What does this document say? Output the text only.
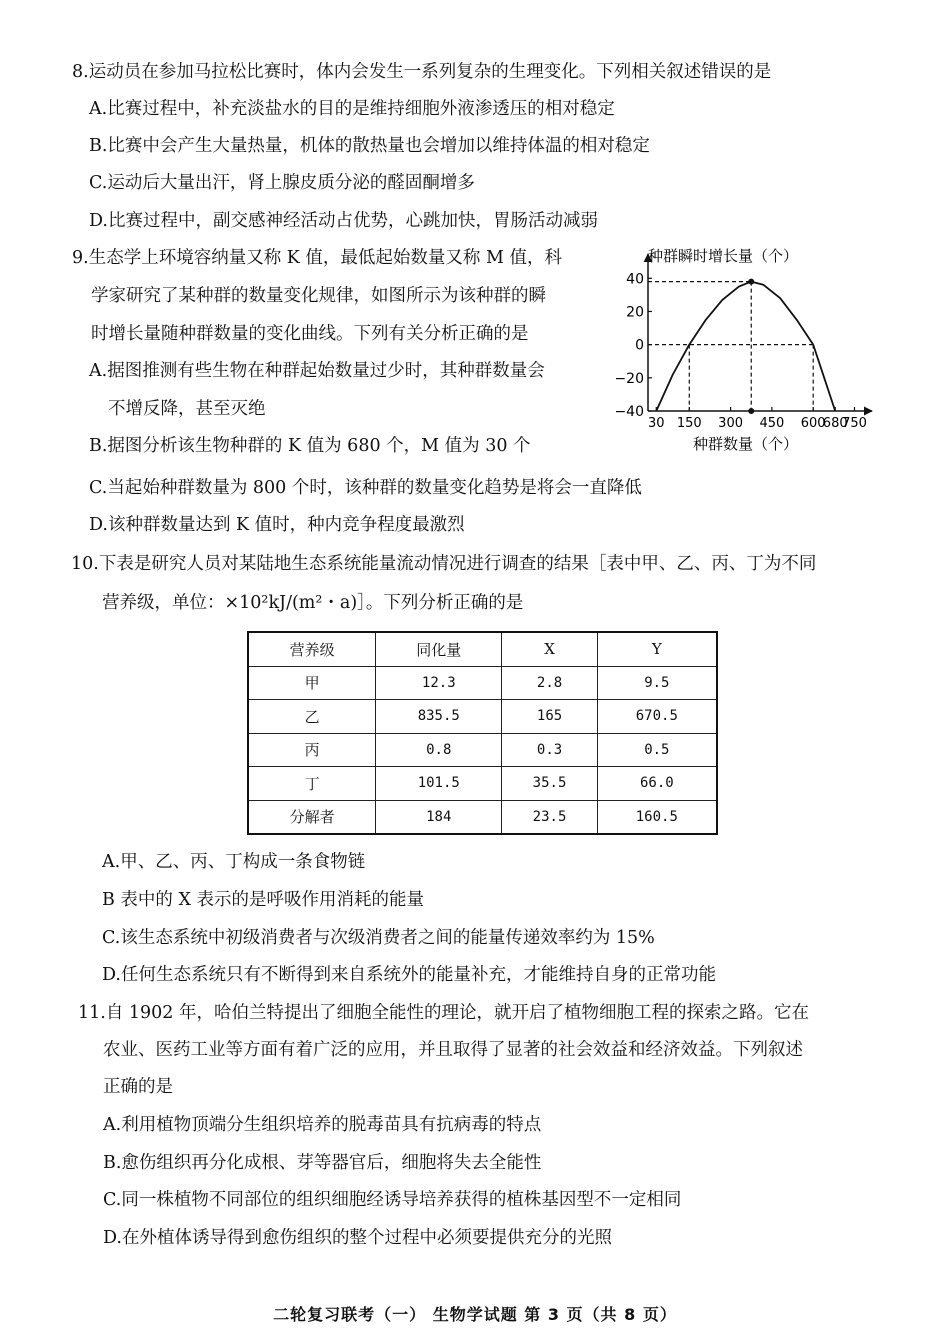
8.运动员在参加马拉松比赛时，体内会发生一系列复杂的生理变化。下列相关叙述错误的是
A.比赛过程中，补充淡盐水的目的是维持细胞外液渗透压的相对稳定
B.比赛中会产生大量热量，机体的散热量也会增加以维持体温的相对稳定
C.运动后大量出汗，肾上腺皮质分泌的醛固酮增多
D.比赛过程中，副交感神经活动占优势，心跳加快，胃肠活动减弱
9.生态学上环境容纳量又称 K 值，最低起始数量又称 M 值，科
学家研究了某种群的数量变化规律，如图所示为该种群的瞬
时增长量随种群数量的变化曲线。下列有关分析正确的是
A.据图推测有些生物在种群起始数量过少时，其种群数量会
不增反降，甚至灭绝
B.据图分析该生物种群的 K 值为 680 个，M 值为 30 个
C.当起始种群数量为 800 个时，该种群的数量变化趋势是将会一直降低
D.该种群数量达到 K 值时，种内竞争程度最激烈
种群瞬时增长量（个）
种群数量（个）
40
20
0
−20
−40
30 150 300 450 600
680
750
10.下表是研究人员对某陆地生态系统能量流动情况进行调查的结果［表中甲、乙、丙、丁为不同
营养级，单位：×10²kJ/(m²・a)］。下列分析正确的是
营养级	同化量	X	Y
甲	12.3	2.8	9.5
乙	835.5	165	670.5
丙	0.8	0.3	0.5
丁	101.5	35.5	66.0
分解者	184	23.5	160.5
A.甲、乙、丙、丁构成一条食物链
B 表中的 X 表示的是呼吸作用消耗的能量
C.该生态系统中初级消费者与次级消费者之间的能量传递效率约为 15%
D.任何生态系统只有不断得到来自系统外的能量补充，才能维持自身的正常功能
11.自 1902 年，哈伯兰特提出了细胞全能性的理论，就开启了植物细胞工程的探索之路。它在
农业、医药工业等方面有着广泛的应用，并且取得了显著的社会效益和经济效益。下列叙述
正确的是
A.利用植物顶端分生组织培养的脱毒苗具有抗病毒的特点
B.愈伤组织再分化成根、芽等器官后，细胞将失去全能性
C.同一株植物不同部位的组织细胞经诱导培养获得的植株基因型不一定相同
D.在外植体诱导得到愈伤组织的整个过程中必须要提供充分的光照
二轮复习联考（一） 生物学试题 第 3 页（共 8 页）
